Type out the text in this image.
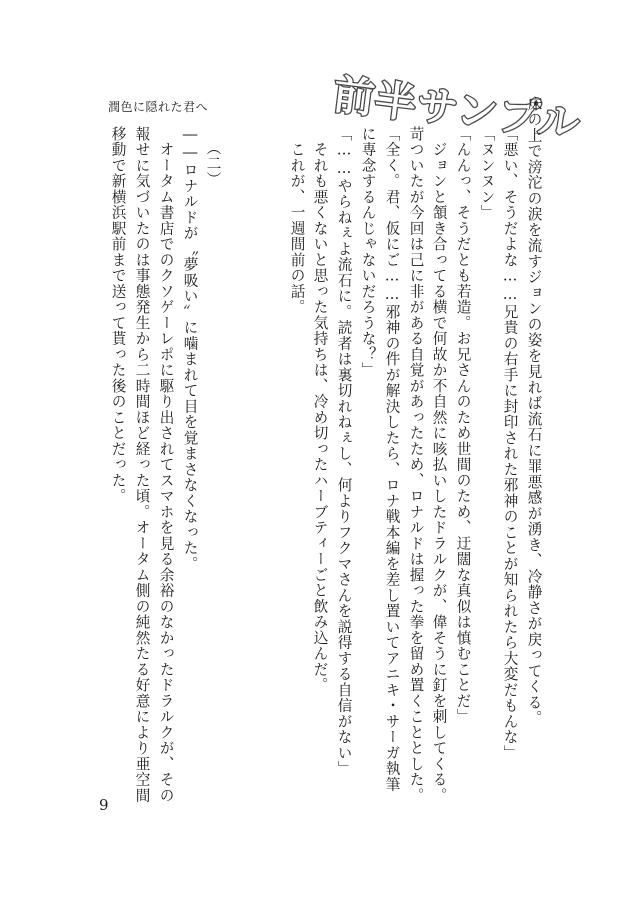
潤色に隠れた君へ	前半サンプル
床の上で滂沱の涙を流すジョンの姿を見れば流石に罪悪感が湧き、冷静さが戻ってくる。
「悪い、そうだよな……兄貴の右手に封印された邪神のことが知られたら大変だもんな」
「ヌンヌン」
「んんっ、そうだとも若造。お兄さんのため世間のため、迂闊な真似は慎むことだ」
　ジョンと頷き合ってる横で何故か不自然に咳払いしたドラルクが、偉そうに釘を刺してくる。
苛ついたが今回は己に非がある自覚があったため、ロナルドは握った拳を留め置くこととした。
「全く。君、仮にご……邪神の件が解決したら、ロナ戦本編を差し置いてアニキ・サーガ執筆
に専念するんじゃないだろうな？」
「……やらねぇよ流石に。読者は裏切れねぇし、何よりフクマさんを説得する自信がない」
　それも悪くないと思った気持ちは、冷め切ったハーブティーごと飲み込んだ。
　これが、一週間前の話。
（二）
――ロナルドが〝夢吸い〟に噛まれて目を覚まさなくなった。
　オータム書店でのクソゲーレポに駆り出されてスマホを見る余裕のなかったドラルクが、その
報せに気づいたのは事態発生から二時間ほど経った頃。オータム側の純然たる好意により亜空間
移動で新横浜駅前まで送って貰った後のことだった。
9
